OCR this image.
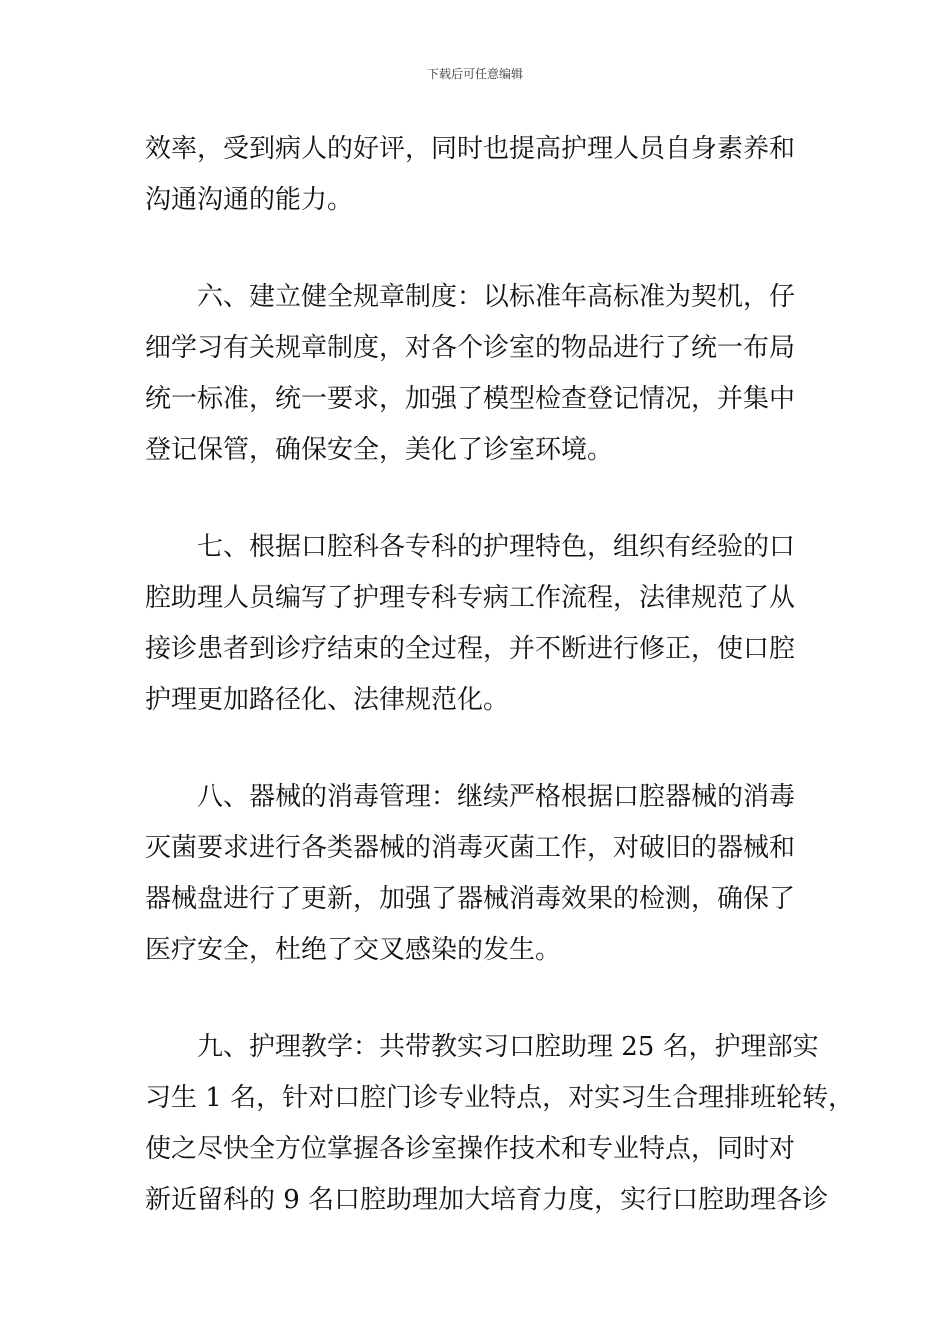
下载后可任意编辑
效率，受到病人的好评，同时也提高护理人员自身素养和
沟通沟通的能力。
六、建立健全规章制度：以标准年高标准为契机，仔
细学习有关规章制度，对各个诊室的物品进行了统一布局
统一标准，统一要求，加强了模型检查登记情况，并集中
登记保管，确保安全，美化了诊室环境。
七、根据口腔科各专科的护理特色，组织有经验的口
腔助理人员编写了护理专科专病工作流程，法律规范了从
接诊患者到诊疗结束的全过程，并不断进行修正，使口腔
护理更加路径化、法律规范化。
八、器械的消毒管理：继续严格根据口腔器械的消毒
灭菌要求进行各类器械的消毒灭菌工作，对破旧的器械和
器械盘进行了更新，加强了器械消毒效果的检测，确保了
医疗安全，杜绝了交叉感染的发生。
九、护理教学：共带教实习口腔助理 25 名，护理部实
习生 1 名，针对口腔门诊专业特点，对实习生合理排班轮转，
使之尽快全方位掌握各诊室操作技术和专业特点，同时对
新近留科的 9 名口腔助理加大培育力度，实行口腔助理各诊
